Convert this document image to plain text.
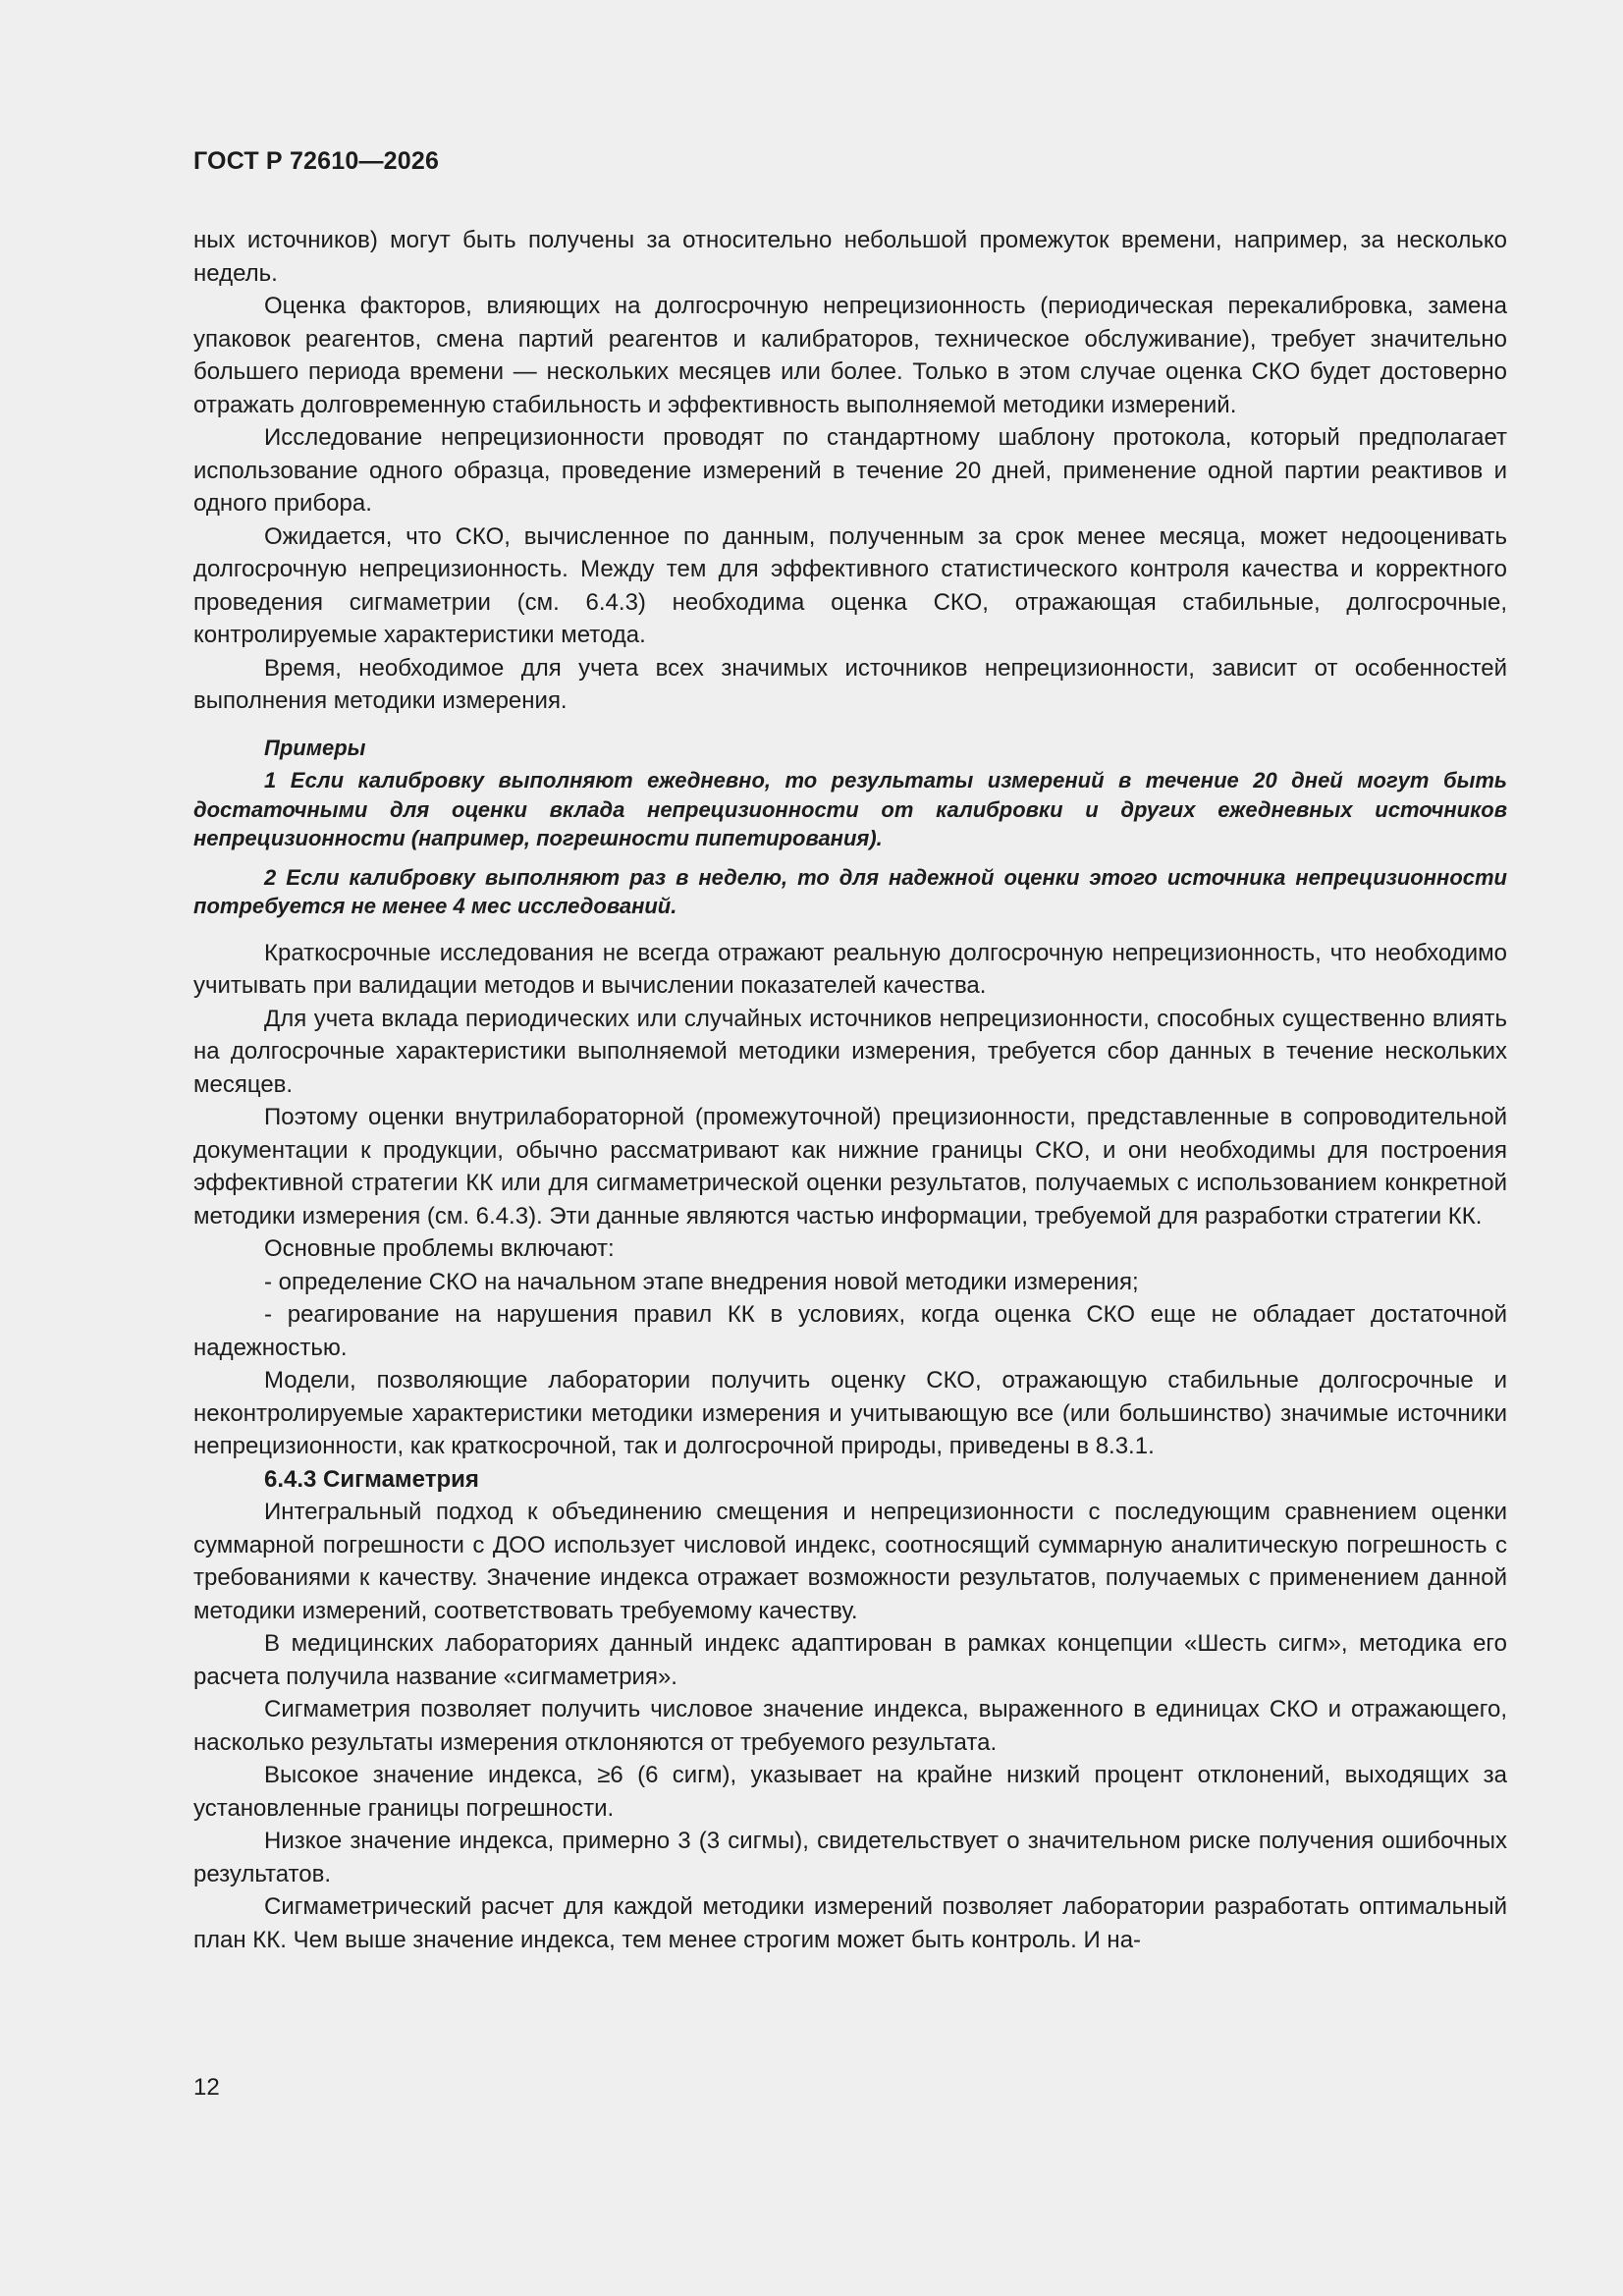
ГОСТ Р 72610—2026

ных источников) могут быть получены за относительно небольшой промежуток времени, например, за несколько недель.

Оценка факторов, влияющих на долгосрочную непрецизионность (периодическая перекалибровка, замена упаковок реагентов, смена партий реагентов и калибраторов, техническое обслуживание), требует значительно большего периода времени — нескольких месяцев или более. Только в этом случае оценка СКО будет достоверно отражать долговременную стабильность и эффективность выполняемой методики измерений.

Исследование непрецизионности проводят по стандартному шаблону протокола, который предполагает использование одного образца, проведение измерений в течение 20 дней, применение одной партии реактивов и одного прибора.

Ожидается, что СКО, вычисленное по данным, полученным за срок менее месяца, может недооценивать долгосрочную непрецизионность. Между тем для эффективного статистического контроля качества и корректного проведения сигмаметрии (см. 6.4.3) необходима оценка СКО, отражающая стабильные, долгосрочные, контролируемые характеристики метода.

Время, необходимое для учета всех значимых источников непрецизионности, зависит от особенностей выполнения методики измерения.

Примеры

1 Если калибровку выполняют ежедневно, то результаты измерений в течение 20 дней могут быть достаточными для оценки вклада непрецизионности от калибровки и других ежедневных источников непрецизионности (например, погрешности пипетирования).

2 Если калибровку выполняют раз в неделю, то для надежной оценки этого источника непрецизионности потребуется не менее 4 мес исследований.

Краткосрочные исследования не всегда отражают реальную долгосрочную непрецизионность, что необходимо учитывать при валидации методов и вычислении показателей качества.

Для учета вклада периодических или случайных источников непрецизионности, способных существенно влиять на долгосрочные характеристики выполняемой методики измерения, требуется сбор данных в течение нескольких месяцев.

Поэтому оценки внутрилабораторной (промежуточной) прецизионности, представленные в сопроводительной документации к продукции, обычно рассматривают как нижние границы СКО, и они необходимы для построения эффективной стратегии КК или для сигмаметрической оценки результатов, получаемых с использованием конкретной методики измерения (см. 6.4.3). Эти данные являются частью информации, требуемой для разработки стратегии КК.

Основные проблемы включают:

- определение СКО на начальном этапе внедрения новой методики измерения;

- реагирование на нарушения правил КК в условиях, когда оценка СКО еще не обладает достаточной надежностью.

Модели, позволяющие лаборатории получить оценку СКО, отражающую стабильные долгосрочные и неконтролируемые характеристики методики измерения и учитывающую все (или большинство) значимые источники непрецизионности, как краткосрочной, так и долгосрочной природы, приведены в 8.3.1.

6.4.3 Сигмаметрия

Интегральный подход к объединению смещения и непрецизионности с последующим сравнением оценки суммарной погрешности с ДОО использует числовой индекс, соотносящий суммарную аналитическую погрешность с требованиями к качеству. Значение индекса отражает возможности результатов, получаемых с применением данной методики измерений, соответствовать требуемому качеству.

В медицинских лабораториях данный индекс адаптирован в рамках концепции «Шесть сигм», методика его расчета получила название «сигмаметрия».

Сигмаметрия позволяет получить числовое значение индекса, выраженного в единицах СКО и отражающего, насколько результаты измерения отклоняются от требуемого результата.

Высокое значение индекса, ≥6 (6 сигм), указывает на крайне низкий процент отклонений, выходящих за установленные границы погрешности.

Низкое значение индекса, примерно 3 (3 сигмы), свидетельствует о значительном риске получения ошибочных результатов.

Сигмаметрический расчет для каждой методики измерений позволяет лаборатории разработать оптимальный план КК. Чем выше значение индекса, тем менее строгим может быть контроль. И на-

12
